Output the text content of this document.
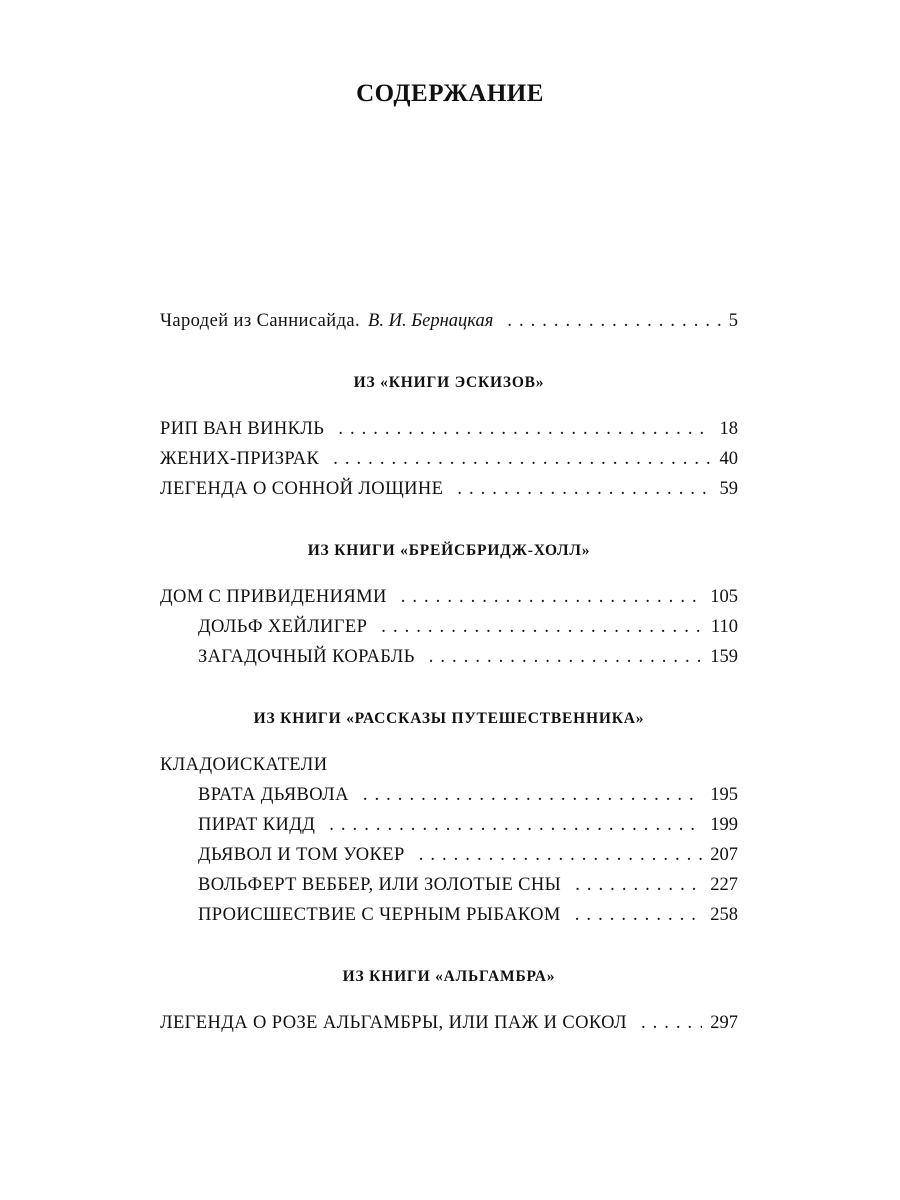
СОДЕРЖАНИЕ
Чародей из Саннисайда. В. И. Бернацкая . . .	5
ИЗ «КНИГИ ЭСКИЗОВ»
РИП ВАН ВИНКЛЬ . . .	18
ЖЕНИХ-ПРИЗРАК . . .	40
ЛЕГЕНДА О СОННОЙ ЛОЩИНЕ . . .	59
ИЗ КНИГИ «БРЕЙСБРИДЖ-ХОЛЛ»
ДОМ С ПРИВИДЕНИЯМИ . . .	105
ДОЛЬФ ХЕЙЛИГЕР . . .	110
ЗАГАДОЧНЫЙ КОРАБЛЬ . . .	159
ИЗ КНИГИ «РАССКАЗЫ ПУТЕШЕСТВЕННИКА»
КЛАДОИСКАТЕЛИ
ВРАТА ДЬЯВОЛА . . .	195
ПИРАТ КИДД . . .	199
ДЬЯВОЛ И ТОМ УОКЕР . . .	207
ВОЛЬФЕРТ ВЕББЕР, ИЛИ ЗОЛОТЫЕ СНЫ . . .	227
ПРОИСШЕСТВИЕ С ЧЕРНЫМ РЫБАКОМ . . .	258
ИЗ КНИГИ «АЛЬГАМБРА»
ЛЕГЕНДА О РОЗЕ АЛЬГАМБРЫ, ИЛИ ПАЖ И СОКОЛ . . .	297
